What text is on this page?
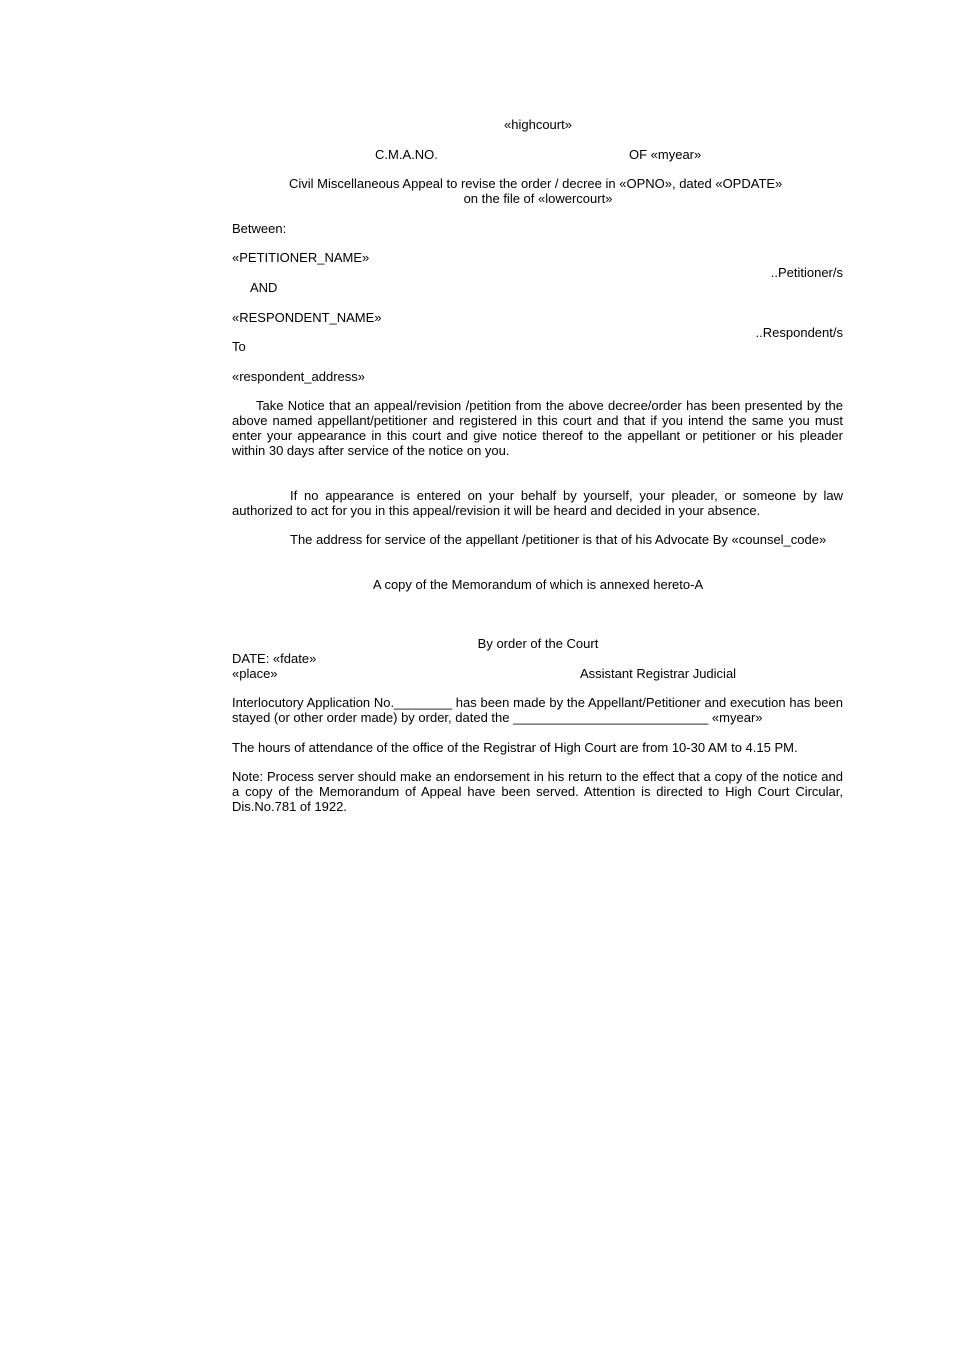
«highcourt»
C.M.A.NO.	OF «myear»
Civil Miscellaneous Appeal to revise the order / decree in «OPNO», dated «OPDATE»
on the file of «lowercourt»
Between:
«PETITIONER_NAME»
..Petitioner/s
AND
«RESPONDENT_NAME»
..Respondent/s
To
«respondent_address»
Take Notice that an appeal/revision /petition from the above decree/order has been presented by the above named appellant/petitioner and registered in this court and that if you intend the same you must enter your appearance in this court and give notice thereof to the appellant or petitioner or his pleader within 30 days after service of the notice on you.
If no appearance is entered on your behalf by yourself, your pleader, or someone by law authorized to act for you in this appeal/revision it will be heard and decided in your absence.
The address for service of the appellant /petitioner is that of his Advocate By «counsel_code»
A copy of the Memorandum of which is annexed hereto-A
By order of the Court
DATE: «fdate»
«place»	Assistant Registrar Judicial
Interlocutory Application No.________ has been made by the Appellant/Petitioner and execution has been stayed (or other order made) by order, dated the ___________________________ «myear»
The hours of attendance of the office of the Registrar of High Court are from 10-30 AM to 4.15 PM.
Note: Process server should make an endorsement in his return to the effect that a copy of the notice and a copy of the Memorandum of Appeal have been served. Attention is directed to High Court Circular, Dis.No.781 of 1922.
